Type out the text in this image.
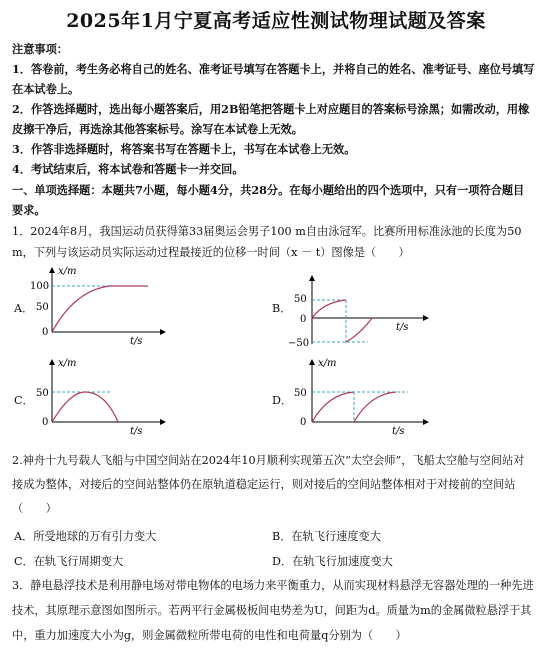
2025年1月宁夏高考适应性测试物理试题及答案
注意事项：
1．答卷前，考生务必将自己的姓名、准考证号填写在答题卡上，并将自己的姓名、准考证号、座位号填写
在本试卷上。
2．作答选择题时，选出每小题答案后，用2B铅笔把答题卡上对应题目的答案标号涂黑；如需改动，用橡
皮擦干净后，再选涂其他答案标号。涂写在本试卷上无效。
3．作答非选择题时，将答案书写在答题卡上，书写在本试卷上无效。
4．考试结束后，将本试卷和答题卡一并交回。
一、单项选择题：本题共7小题，每小题4分，共28分。在每小题给出的四个选项中，只有一项符合题目
要求。
1．2024年8月，我国运动员获得第33届奥运会男子100 m自由泳冠军。比赛所用标准泳池的长度为50
m，下列与该运动员实际运动过程最接近的位移一时间（x － t）图像是（　　）
A．
x/m
t/s
100
50
0
B．
t/s
50
0
−50
C．
x/m
t/s
50
0
D．
x/m
t/s
50
0
2.神舟十九号载人飞船与中国空间站在2024年10月顺利实现第五次“太空会师”，飞船太空舱与空间站对
接成为整体，对接后的空间站整体仍在原轨道稳定运行，则对接后的空间站整体相对于对接前的空间站
（　　）
A．所受地球的万有引力变大	B．在轨飞行速度变大
C．在轨飞行周期变大	D．在轨飞行加速度变大
3．静电悬浮技术是利用静电场对带电物体的电场力来平衡重力，从而实现材料悬浮无容器处理的一种先进
技术，其原理示意图如图所示。若两平行金属极板间电势差为U，间距为d。质量为m的金属微粒悬浮于其
中，重力加速度大小为g，则金属微粒所带电荷的电性和电荷量q分别为（　　）
